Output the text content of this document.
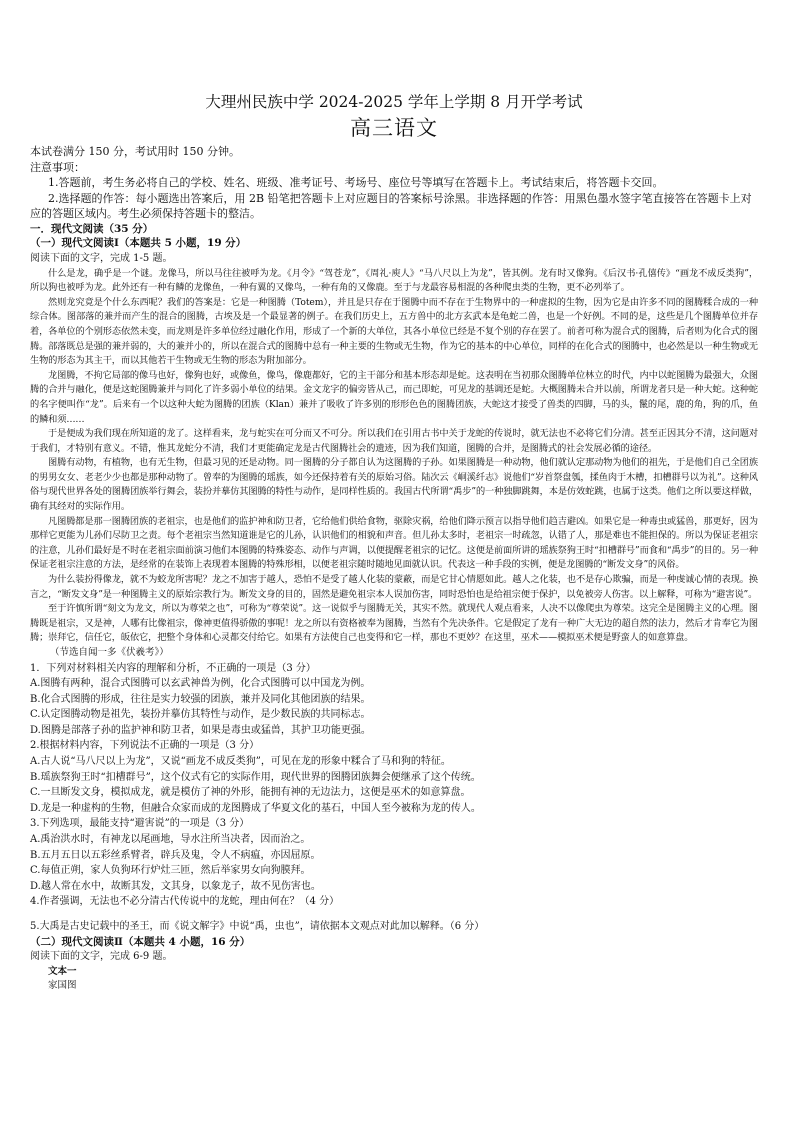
大理州民族中学 2024-2025 学年上学期 8 月开学考试
高三语文

本试卷满分 150 分，考试用时 150 分钟。

注意事项：

1.答题前，考生务必将自己的学校、姓名、班级、准考证号、考场号、座位号等填写在答题卡上。考试结束后，将答题卡交回。

2.选择题的作答：每小题选出答案后，用 2B 铅笔把答题卡上对应题目的答案标号涂黑。非选择题的作答：用黑色墨水签字笔直接答在答题卡上对应的答题区域内。考生必须保持答题卡的整洁。

一．现代文阅读（35 分）

（一）现代文阅读Ⅰ（本题共 5 小题，19 分）

阅读下面的文字，完成 1-5 题。

什么是龙，确乎是一个谜。龙像马，所以马往往被呼为龙。《月令》“驾苍龙”，《周礼·庾人》“马八尺以上为龙”，皆其例。龙有时又像狗。《后汉书·孔僖传》“画龙不成反类狗”，所以狗也被呼为龙。此外还有一种有鳞的龙像鱼，一种有翼的又像鸟，一种有角的又像鹿。至于与龙最容易相混的各种爬虫类的生物，更不必列举了。

然则龙究竟是个什么东西呢？我们的答案是：它是一种图腾（Totem），并且是只存在于图腾中而不存在于生物界中的一种虚拟的生物，因为它是由许多不同的图腾糅合成的一种综合体。图部落的兼并而产生的混合的图腾，古埃及是一个最显著的例子。在我们历史上，五方兽中的北方玄武本是龟蛇二兽，也是一个好例。不同的是，这些是几个图腾单位并存着，各单位的个别形态依然未变，而龙则是许多单位经过融化作用，形成了一个新的大单位，其各小单位已经是不复个别的存在罢了。前者可称为混合式的图腾，后者则为化合式的图腾。部落既总是强的兼并弱的，大的兼并小的，所以在混合式的图腾中总有一种主要的生物或无生物，作为它的基本的中心单位，同样的在化合式的图腾中，也必然是以一种生物或无生物的形态为其主干，而以其他若干生物或无生物的形态为附加部分。

龙图腾，不拘它局部的像马也好，像狗也好，或像鱼，像鸟，像鹿都好，它的主干部分和基本形态却是蛇。这表明在当初那众图腾单位林立的时代，内中以蛇图腾为最强大，众图腾的合并与融化，便是这蛇图腾兼并与同化了许多弱小单位的结果。金文龙字的偏旁皆从己，而己即蛇，可见龙的基调还是蛇。大概图腾未合并以前，所谓龙者只是一种大蛇。这种蛇的名字便叫作“龙”。后来有一个以这种大蛇为图腾的团族（Klan）兼并了吸收了许多别的形形色色的图腾团族，大蛇这才接受了兽类的四脚，马的头，鬣的尾，鹿的角，狗的爪，鱼的鳞和须……

于是便成为我们现在所知道的龙了。这样看来，龙与蛇实在可分而又不可分。所以我们在引用古书中关于龙蛇的传说时，就无法也不必将它们分清。甚至正因其分不清，这问题对于我们，才特别有意义。不错，惟其龙蛇分不清，我们才更能确定龙是古代图腾社会的遗迹，因为我们知道，图腾的合并，是图腾式的社会发展必循的途径。

图腾有动物，有植物，也有无生物，但最习见的还是动物。同一图腾的分子都自认为这图腾的子孙。如果图腾是一种动物，他们就认定那动物为他们的祖先，于是他们自己全团族的男男女女、老老少少也都是那种动物了。曾奉的为图腾的瑶族，如今还保持着有关的原始习俗。陆次云《峒溪纤志》说他们“岁首祭盘瓠，揉鱼肉于木槽，扣槽群号以为礼”。这种风俗与现代世界各处的图腾团族举行舞会，装扮并摹仿其图腾的特性与动作，是同样性质的。我国古代所谓“禹步”的一种独脚跳舞，本是仿效蛇跳，也属于这类。他们之所以要这样做，确有其经对的实际作用。

凡图腾都是那一图腾团族的老祖宗，也是他们的监护神和防卫者，它给他们供给食物，驱除灾祸，给他们降示预言以指导他们趋吉避凶。如果它是一种毒虫或猛兽，那更好，因为那样它更能为儿孙们尽防卫之责。每个老祖宗当然知道谁是它的儿孙，认识他们的相貌和声音。但儿孙太多时，老祖宗一时疏忽，认错了人，那是难也不能担保的。所以为保证老祖宗的注意，儿孙们最好是不时在老祖宗面前演习他们本图腾的特殊姿态、动作与声调，以便提醒老祖宗的记忆。这便是前面所讲的瑶族祭狗王时“扣槽群号”而食和“禹步”的目的。另一种保证老祖宗注意的方法，是经常的在装饰上表现着本图腾的特殊形相，以便老祖宗随时随地见面就认识。代表这一种手段的实例，便是龙图腾的“断发文身”的风俗。

为什么装扮得像龙，就不为蛟龙所害呢？龙之不加害于越人，恐怕不是受了越人化装的蒙蔽，而是它甘心情愿如此。越人之化装，也不是存心欺骗，而是一种虔诚心情的表现。换言之，“断发文身”是一种图腾主义的原始宗教行为。断发文身的目的，固然是避免祖宗本人误加伤害，同时恐怕也是给祖宗便于保护，以免被旁人伤害。以上解释，可称为“避害说”。

至于许慎所谓“刻文为龙文，所以为尊荣之也”，可称为“尊荣说”。这一说似乎与图腾无关，其实不然。就现代人观点看来，人决不以像爬虫为尊荣。这完全是图腾主义的心理。图腾既是祖宗，又是神，人哪有比像祖宗，像神更值得骄傲的事呢！龙之所以有资格被奉为图腾，当然有个先决条件。它是假定了龙有一种广大无边的超自然的法力，然后才肯奉它为图腾；崇拜它，信任它，皈依它，把整个身体和心灵都交付给它。如果有方法使自己也变得和它一样，那也不更妙？在这里，巫术——模拟巫术便是野蛮人的如意算盘。

（节选自闻一多《伏羲考》）

1．下列对材料相关内容的理解和分析，不正确的一项是（3 分）

A.图腾有两种，混合式图腾可以玄武神兽为例，化合式图腾可以中国龙为例。

B.化合式图腾的形成，往往是实力较强的团族，兼并及同化其他团族的结果。

C.认定图腾动物是祖先，装扮并摹仿其特性与动作，是少数民族的共同标志。

D.图腾是部落子孙的监护神和防卫者，如果是毒虫或猛兽，其护卫功能更强。

2.根据材料内容，下列说法不正确的一项是（3 分）

A.古人说“马八尺以上为龙”，又说“画龙不成反类狗”，可见在龙的形象中糅合了马和狗的特征。

B.瑶族祭狗王时“扣槽群号”，这个仪式有它的实际作用，现代世界的图腾团族舞会便继承了这个传统。

C.一旦断发文身，模拟成龙，就是模仿了神的外形，能拥有神的无边法力，这便是巫术的如意算盘。

D.龙是一种虚构的生物，但融合众家而成的龙图腾成了华夏文化的基石，中国人至今被称为龙的传人。

3.下列选项，最能支持“避害说”的一项是（3 分）

A.禹治洪水时，有神龙以尾画地，导水注所当决者，因而治之。

B.五月五日以五彩丝系臂者，辟兵及鬼，令人不病瘟，亦因屈原。

C.每值正朔，家人负狗环行炉灶三匝，然后举家男女向狗膜拜。

D.越人常在水中，故断其发，文其身，以象龙子，故不见伤害也。

4.作者强调，无法也不必分清古代传说中的龙蛇，理由何在？（4 分）

5.大禹是古史记载中的圣王，而《说文解字》中说“禹，虫也”，请依据本文观点对此加以解释。（6 分）

（二）现代文阅读Ⅱ（本题共 4 小题，16 分）

阅读下面的文字，完成 6-9 题。

文本一

家国图
